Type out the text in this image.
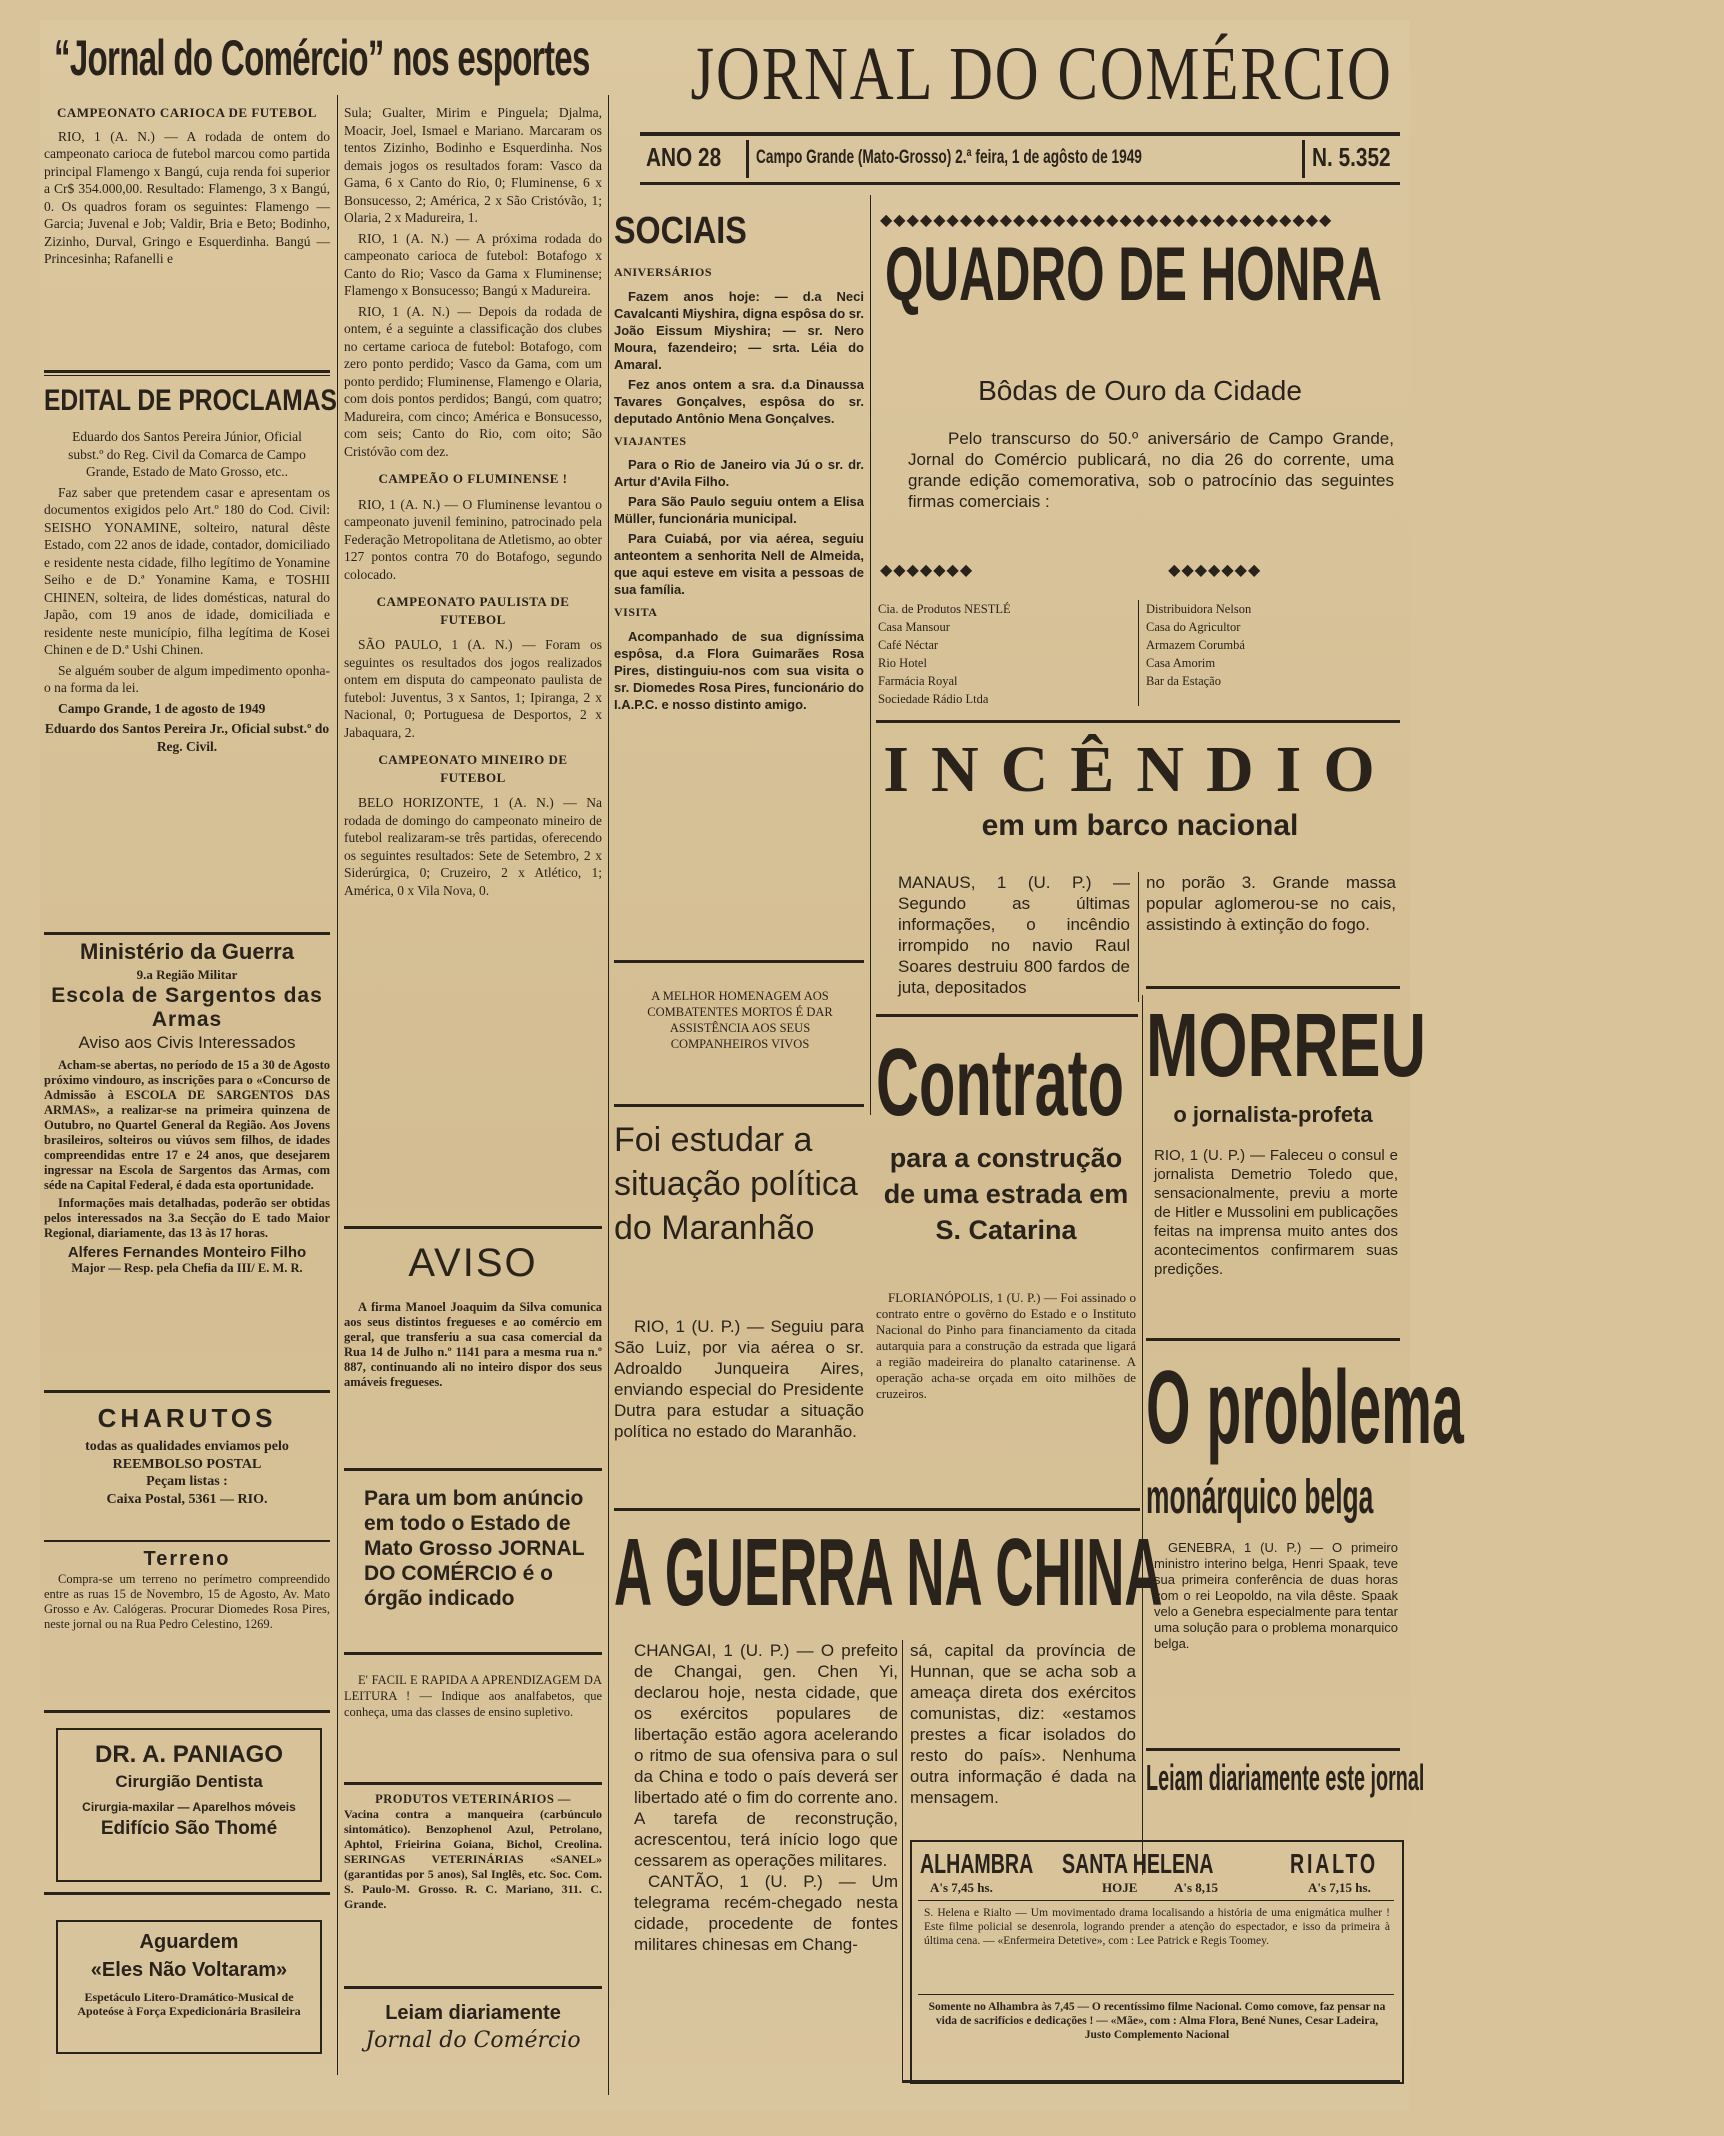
“Jornal do Comércio” nos esportes	JORNAL DO COMÉRCIO
ANO 28	Campo Grande (Mato-Grosso) 2.ª feira, 1 de agôsto de 1949	N. 5.352
CAMPEONATO CARIOCA DE FUTEBOL

RIO, 1 (A. N.) — A rodada de ontem do campeonato carioca de futebol marcou como partida principal Flamengo x Bangú, cuja renda foi superior a Cr$ 354.000,00. Resultado: Flamengo, 3 x Bangú, 0. Os quadros foram os seguintes: Flamengo — Garcia; Juvenal e Job; Valdir, Bria e Beto; Bodinho, Zizinho, Durval, Gringo e Esquerdinha. Bangú — Princesinha; Rafanelli e

EDITAL DE PROCLAMAS

Eduardo dos Santos Pereira Júnior, Oficial subst.º do Reg. Civil da Comarca de Campo Grande, Estado de Mato Grosso, etc..

Faz saber que pretendem casar e apresentam os documentos exigidos pelo Art.º 180 do Cod. Civil: SEISHO YONAMINE, solteiro, natural dêste Estado, com 22 anos de idade, contador, domiciliado e residente nesta cidade, filho legítimo de Yonamine Seiho e de D.ª Yonamine Kama, e TOSHII CHINEN, solteira, de lides domésticas, natural do Japão, com 19 anos de idade, domiciliada e residente neste município, filha legítima de Kosei Chinen e de D.ª Ushi Chinen.

Se alguém souber de algum impedimento oponha-o na forma da lei.

Campo Grande, 1 de agosto de 1949

Eduardo dos Santos Pereira Jr., Oficial subst.º do Reg. Civil.

Ministério da Guerra
9.a Região Militar
Escola de Sargentos das Armas
Aviso aos Civis Interessados

Acham-se abertas, no período de 15 a 30 de Agosto próximo vindouro, as inscrições para o «Concurso de Admissão à ESCOLA DE SARGENTOS DAS ARMAS», a realizar-se na primeira quinzena de Outubro, no Quartel General da Região. Aos Jovens brasileiros, solteiros ou viúvos sem filhos, de idades compreendidas entre 17 e 24 anos, que desejarem ingressar na Escola de Sargentos das Armas, com séde na Capital Federal, é dada esta oportunidade.

Informações mais detalhadas, poderão ser obtidas pelos interessados na 3.a Secção do E tado Maior Regional, diariamente, das 13 às 17 horas.

Alferes Fernandes Monteiro Filho
Major — Resp. pela Chefia da III/ E. M. R.
CHARUTOS
todas as qualidades enviamos pelo REEMBOLSO POSTAL
Peçam listas :
Caixa Postal, 5361 — RIO.
Terreno

Compra-se um terreno no perímetro compreendido entre as ruas 15 de Novembro, 15 de Agosto, Av. Mato Grosso e Av. Calógeras. Procurar Diomedes Rosa Pires, neste jornal ou na Rua Pedro Celestino, 1269.

DR. A. PANIAGO
Cirurgião Dentista
Cirurgia-maxilar — Aparelhos móveis
Edifício São Thomé
Aguardem
«Eles Não Voltaram»
Espetáculo Litero-Dramático-Musical de Apoteóse à Força Expedicionária Brasileira

Sula; Gualter, Mirim e Pinguela; Djalma, Moacir, Joel, Ismael e Mariano. Marcaram os tentos Zizinho, Bodinho e Esquerdinha. Nos demais jogos os resultados foram: Vasco da Gama, 6 x Canto do Rio, 0; Fluminense, 6 x Bonsucesso, 2; América, 2 x São Cristóvão, 1; Olaria, 2 x Madureira, 1.

RIO, 1 (A. N.) — A próxima rodada do campeonato carioca de futebol: Botafogo x Canto do Rio; Vasco da Gama x Fluminense; Flamengo x Bonsucesso; Bangú x Madureira.

RIO, 1 (A. N.) — Depois da rodada de ontem, é a seguinte a classificação dos clubes no certame carioca de futebol: Botafogo, com zero ponto perdido; Vasco da Gama, com um ponto perdido; Fluminense, Flamengo e Olaria, com dois pontos perdidos; Bangú, com quatro; Madureira, com cinco; América e Bonsucesso, com seis; Canto do Rio, com oito; São Cristóvão com dez.

CAMPEÃO O FLUMINENSE !

RIO, 1 (A. N.) — O Fluminense levantou o campeonato juvenil feminino, patrocinado pela Federação Metropolitana de Atletismo, ao obter 127 pontos contra 70 do Botafogo, segundo colocado.

CAMPEONATO PAULISTA DE FUTEBOL

SÃO PAULO, 1 (A. N.) — Foram os seguintes os resultados dos jogos realizados ontem em disputa do campeonato paulista de futebol: Juventus, 3 x Santos, 1; Ipiranga, 2 x Nacional, 0; Portuguesa de Desportos, 2 x Jabaquara, 2.

CAMPEONATO MINEIRO DE FUTEBOL

BELO HORIZONTE, 1 (A. N.) — Na rodada de domingo do campeonato mineiro de futebol realizaram-se três partidas, oferecendo os seguintes resultados: Sete de Setembro, 2 x Siderúrgica, 0; Cruzeiro, 2 x Atlético, 1; América, 0 x Vila Nova, 0.

AVISO

A firma Manoel Joaquim da Silva comunica aos seus distintos fregueses e ao comércio em geral, que transferiu a sua casa comercial da Rua 14 de Julho n.º 1141 para a mesma rua n.º 887, continuando ali no inteiro dispor dos seus amáveis fregueses.

Para um bom anúncio em todo o Estado de Mato Grosso JORNAL DO COMÉRCIO é o órgão indicado

E' FACIL E RAPIDA A APRENDIZAGEM DA LEITURA ! — Indique aos analfabetos, que conheça, uma das classes de ensino supletivo.

PRODUTOS VETERINÁRIOS —

Vacina contra a manqueira (carbúnculo sintomático). Benzophenol Azul, Petrolano, Aphtol, Frieirina Goiana, Bichol, Creolina. SERINGAS VETERINÁRIAS «SANEL» (garantidas por 5 anos), Sal Inglês, etc. Soc. Com. S. Paulo-M. Grosso. R. C. Mariano, 311. C. Grande.

Leiam diariamente
Jornal do Comércio
SOCIAIS
ANIVERSÁRIOS

Fazem anos hoje: — d.a Neci Cavalcanti Miyshira, digna espôsa do sr. João Eissum Miyshira; — sr. Nero Moura, fazendeiro; — srta. Léia do Amaral.

Fez anos ontem a sra. d.a Dinaussa Tavares Gonçalves, espôsa do sr. deputado Antônio Mena Gonçalves.

VIAJANTES

Para o Rio de Janeiro via Jú o sr. dr. Artur d'Avila Filho.

Para São Paulo seguiu ontem a Elisa Müller, funcionária municipal.

Para Cuiabá, por via aérea, seguiu anteontem a senhorita Nell de Almeida, que aqui esteve em visita a pessoas de sua família.

VISITA

Acompanhado de sua digníssima espôsa, d.a Flora Guimarães Rosa Pires, distinguiu-nos com sua visita o sr. Diomedes Rosa Pires, funcionário do I.A.P.C. e nosso distinto amigo.

A MELHOR HOMENAGEM AOS COMBATENTES MORTOS É DAR ASSISTÊNCIA AOS SEUS COMPANHEIROS VIVOS
◆◆◆◆◆◆◆◆◆◆◆◆◆◆◆◆◆◆◆◆◆◆◆◆◆◆◆◆◆◆◆◆◆◆
QUADRO DE HONRA
Bôdas de Ouro da Cidade
Pelo transcurso do 50.º aniversário de Campo Grande, Jornal do Comércio publicará, no dia 26 do corrente, uma grande edição comemorativa, sob o patrocínio das seguintes firmas comerciais :
◆◆◆◆◆◆◆                                       ◆◆◆◆◆◆◆
Cia. de Produtos NESTLÉ
Casa Mansour
Café Néctar
Rio Hotel
Farmácia Royal
Sociedade Rádio Ltda
Distribuidora Nelson
Casa do Agricultor
Armazem Corumbá
Casa Amorim
Bar da Estação
INCÊNDIO
em um barco nacional
MANAUS, 1 (U. P.) — Segundo as últimas informações, o incêndio irrompido no navio Raul Soares destruiu 800 fardos de juta, depositados
no porão 3. Grande massa popular aglomerou-se no cais, assistindo à extinção do fogo.
Foi estudar a situação política do Maranhão
RIO, 1 (U. P.) — Seguiu para São Luiz, por via aérea o sr. Adroaldo Junqueira Aires, enviando especial do Presidente Dutra para estudar a situação política no estado do Maranhão.
Contrato
para a construção de uma estrada em S. Catarina
FLORIANÓPOLIS, 1 (U. P.) — Foi assinado o contrato entre o govêrno do Estado e o Instituto Nacional do Pinho para financiamento da citada autarquia para a construção da estrada que ligará a região madeireira do planalto catarinense. A operação acha-se orçada em oito milhões de cruzeiros.
MORREU
o jornalista-profeta
RIO, 1 (U. P.) — Faleceu o consul e jornalista Demetrio Toledo que, sensacionalmente, previu a morte de Hitler e Mussolini em publicações feitas na imprensa muito antes dos acontecimentos confirmarem suas predições.
O problema
monárquico belga
GENEBRA, 1 (U. P.) — O primeiro ministro interino belga, Henri Spaak, teve sua primeira conferência de duas horas com o rei Leopoldo, na vila dêste. Spaak velo a Genebra especialmente para tentar uma solução para o problema monarquico belga.
Leiam diariamente este jornal
A GUERRA NA CHINA
CHANGAI, 1 (U. P.) — O prefeito de Changai, gen. Chen Yi, declarou hoje, nesta cidade, que os exércitos populares de libertação estão agora acelerando o ritmo de sua ofensiva para o sul da China e todo o país deverá ser libertado até o fim do corrente ano. A tarefa de reconstrução, acrescentou, terá início logo que cessarem as operações militares.
CANTÃO, 1 (U. P.) — Um telegrama recém-chegado nesta cidade, procedente de fontes militares chinesas em Chang-
sá, capital da província de Hunnan, que se acha sob a ameaça direta dos exércitos comunistas, diz: «estamos prestes a ficar isolados do resto do país». Nenhuma outra informação é dada na mensagem.
ALHAMBRA	SANTA HELENA	RIALTO
A's 7,45 hs.	HOJE	A's 8,15	A's 7,15 hs.
S. Helena e Rialto — Um movimentado drama localisando a história de uma enigmática mulher ! Este filme policial se desenrola, logrando prender a atenção do espectador, e isso da primeira à última cena. — «Enfermeira Detetive», com : Lee Patrick e Regis Toomey.
Somente no Alhambra às 7,45 — O recentíssimo filme Nacional. Como comove, faz pensar na vida de sacrifícios e dedicações ! — «Mãe», com : Alma Flora, Bené Nunes, Cesar Ladeira, Justo Complemento Nacional
